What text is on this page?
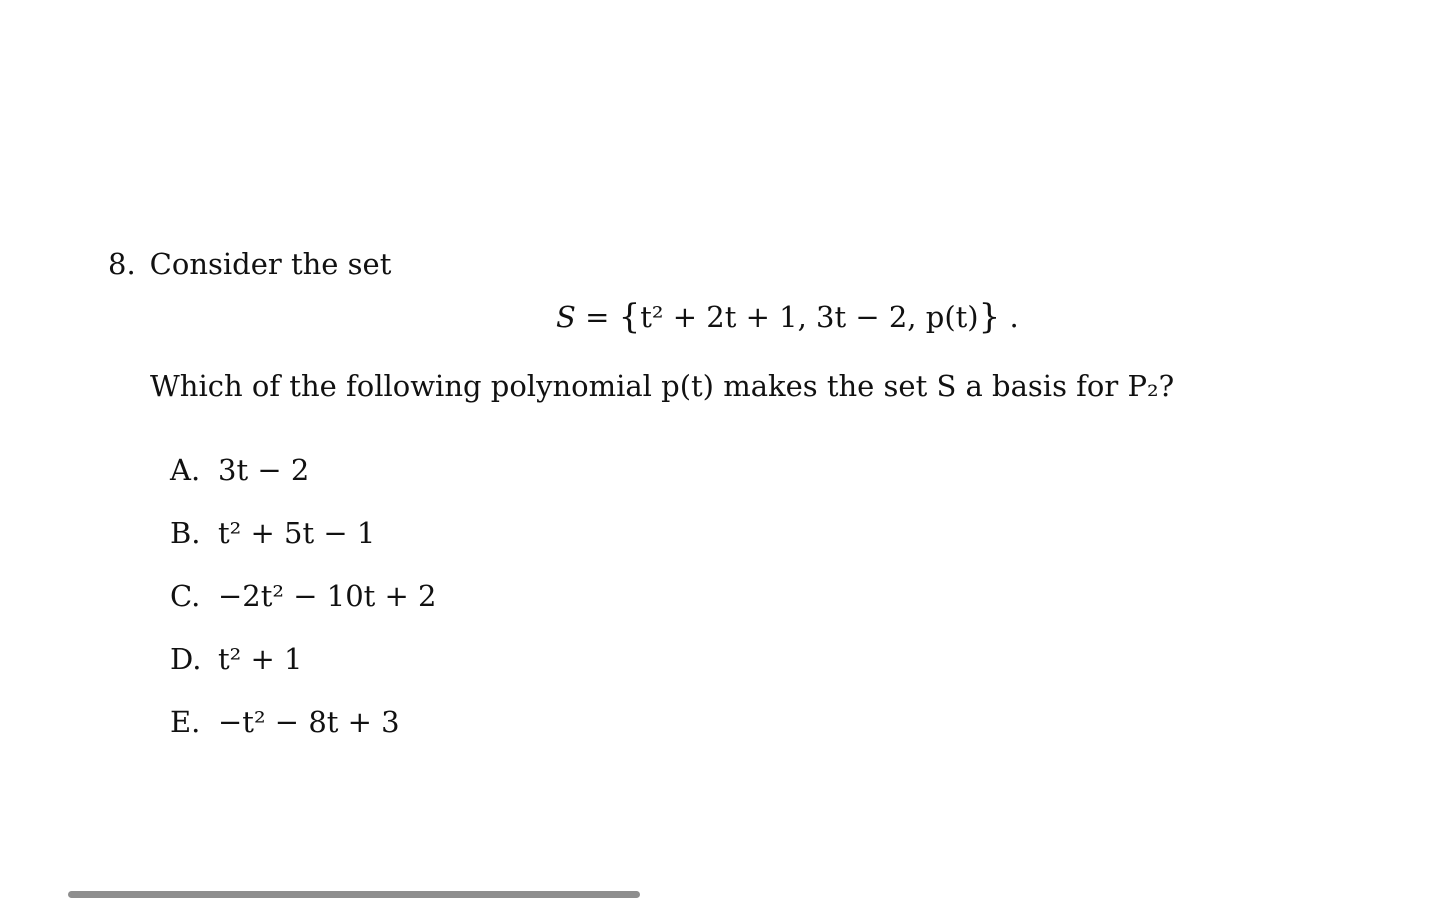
8. Consider the set
S = {t² + 2t + 1, 3t − 2, p(t)} .
Which of the following polynomial p(t) makes the set S a basis for P₂?
A. 3t − 2
B. t² + 5t − 1
C. −2t² − 10t + 2
D. t² + 1
E. −t² − 8t + 3
